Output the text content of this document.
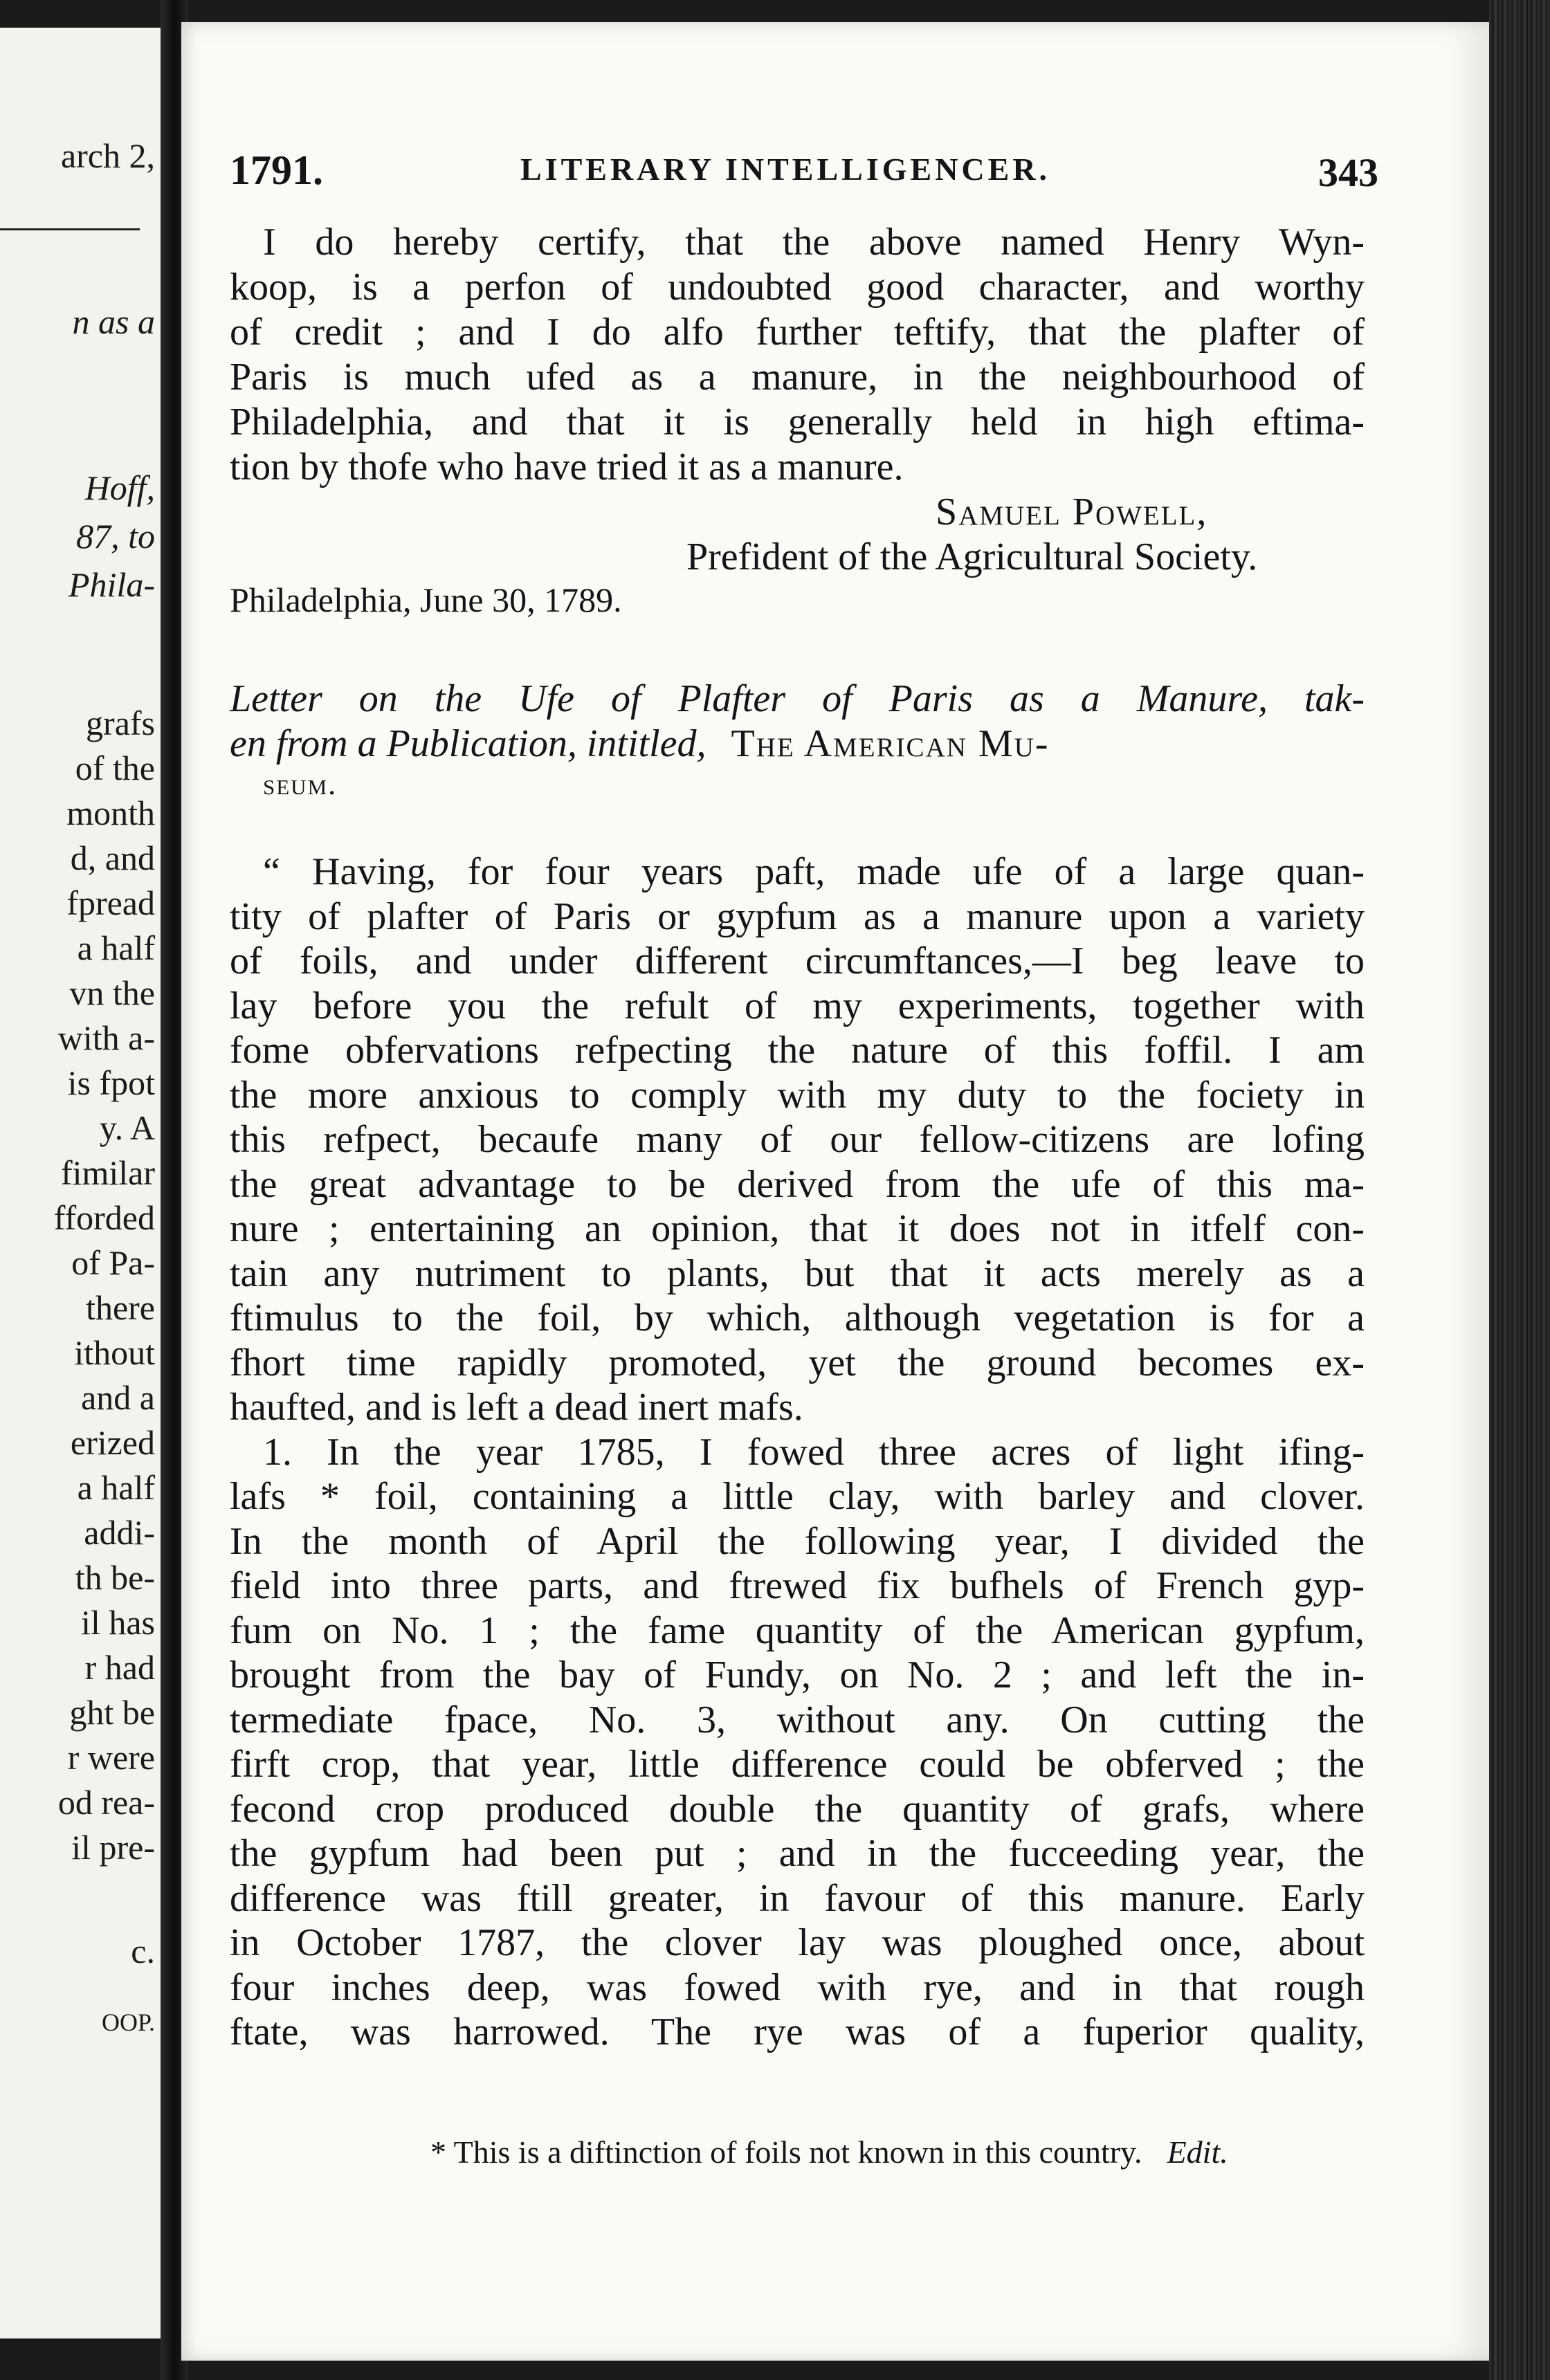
arch 2,
n as a
Hoff,
87, to
Phila-
grafs
of the
month
d, and
fpread
a half
vn the
with a-
is fpot
y. A
fimilar
fforded
of Pa-
there
ithout
and a
erized
a half
addi-
th be-
il has
r had
ght be
r were
od rea-
il pre-
c.
OOP.
1791.	LITERARY INTELLIGENCER.	343
I do hereby certify, that the above named Henry Wyn-
koop, is a perfon of undoubted good character, and worthy
of credit ; and I do alfo further teftify, that the plafter of
Paris is much ufed as a manure, in the neighbourhood of
Philadelphia, and that it is generally held in high eftima-
tion by thofe who have tried it as a manure.
Samuel Powell,
Prefident of the Agricultural Society.
Philadelphia, June 30, 1789.
Letter on the Ufe of Plafter of Paris as a Manure, tak-
en from a Publication, intitled, The American Mu-
seum.
“ Having, for four years paft, made ufe of a large quan-
tity of plafter of Paris or gypfum as a manure upon a variety
of foils, and under different circumftances,—I beg leave to
lay before you the refult of my experiments, together with
fome obfervations refpecting the nature of this foffil. I am
the more anxious to comply with my duty to the fociety in
this refpect, becaufe many of our fellow-citizens are lofing
the great advantage to be derived from the ufe of this ma-
nure ; entertaining an opinion, that it does not in itfelf con-
tain any nutriment to plants, but that it acts merely as a
ftimulus to the foil, by which, although vegetation is for a
fhort time rapidly promoted, yet the ground becomes ex-
haufted, and is left a dead inert mafs.
1. In the year 1785, I fowed three acres of light ifing-
lafs * foil, containing a little clay, with barley and clover.
In the month of April the following year, I divided the
field into three parts, and ftrewed fix bufhels of French gyp-
fum on No. 1 ; the fame quantity of the American gypfum,
brought from the bay of Fundy, on No. 2 ; and left the in-
termediate fpace, No. 3, without any. On cutting the
firft crop, that year, little difference could be obferved ; the
fecond crop produced double the quantity of grafs, where
the gypfum had been put ; and in the fucceeding year, the
difference was ftill greater, in favour of this manure. Early
in October 1787, the clover lay was ploughed once, about
four inches deep, was fowed with rye, and in that rough
ftate, was harrowed. The rye was of a fuperior quality,
* This is a diftinction of foils not known in this country. Edit.
